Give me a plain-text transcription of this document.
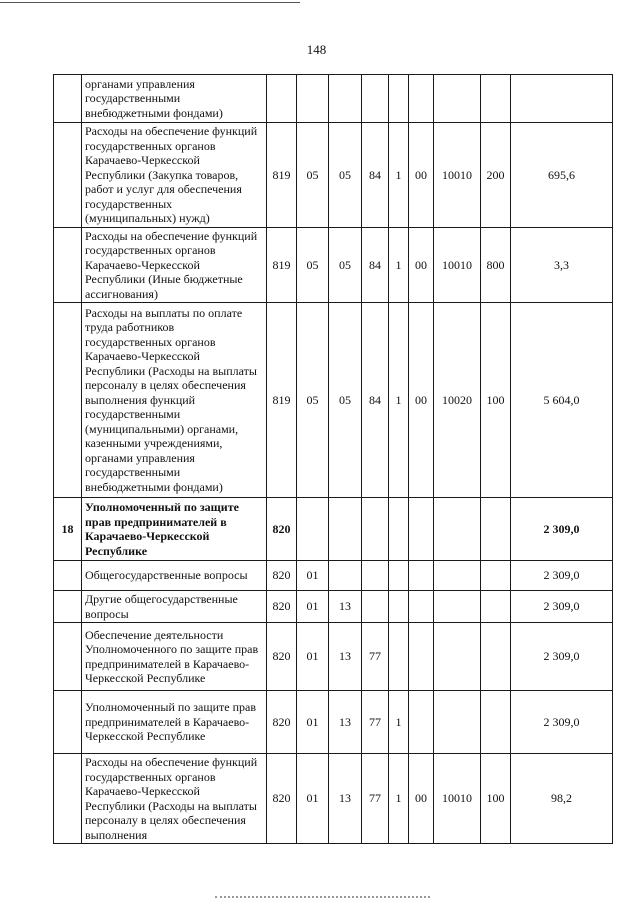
148
	органами управления государственными внебюджетными фондами)									
	Расходы на обеспечение функций государственных органов Карачаево-Черкесской Республики (Закупка товаров, работ и услуг для обеспечения государственных (муниципальных) нужд)	819	05	05	84	1	00	10010	200	695,6
	Расходы на обеспечение функций государственных органов Карачаево-Черкесской Республики (Иные бюджетные ассигнования)	819	05	05	84	1	00	10010	800	3,3
	Расходы на выплаты по оплате труда работников государственных органов Карачаево-Черкесской Республики (Расходы на выплаты персоналу в целях обеспечения выполнения функций государственными (муниципальными) органами, казенными учреждениями, органами управления государственными внебюджетными фондами)	819	05	05	84	1	00	10020	100	5 604,0
18	Уполномоченный по защите прав предпринимателей в Карачаево-Черкесской Республике	820								2 309,0
	Общегосударственные вопросы	820	01							2 309,0
	Другие общегосударственные вопросы	820	01	13						2 309,0
	Обеспечение деятельности Уполномоченного по защите прав предпринимателей в Карачаево-Черкесской Республике	820	01	13	77					2 309,0
	Уполномоченный по защите прав предпринимателей в Карачаево-Черкесской Республике	820	01	13	77	1				2 309,0
	Расходы на обеспечение функций государственных органов Карачаево-Черкесской Республики (Расходы на выплаты персоналу в целях обеспечения выполнения	820	01	13	77	1	00	10010	100	98,2
